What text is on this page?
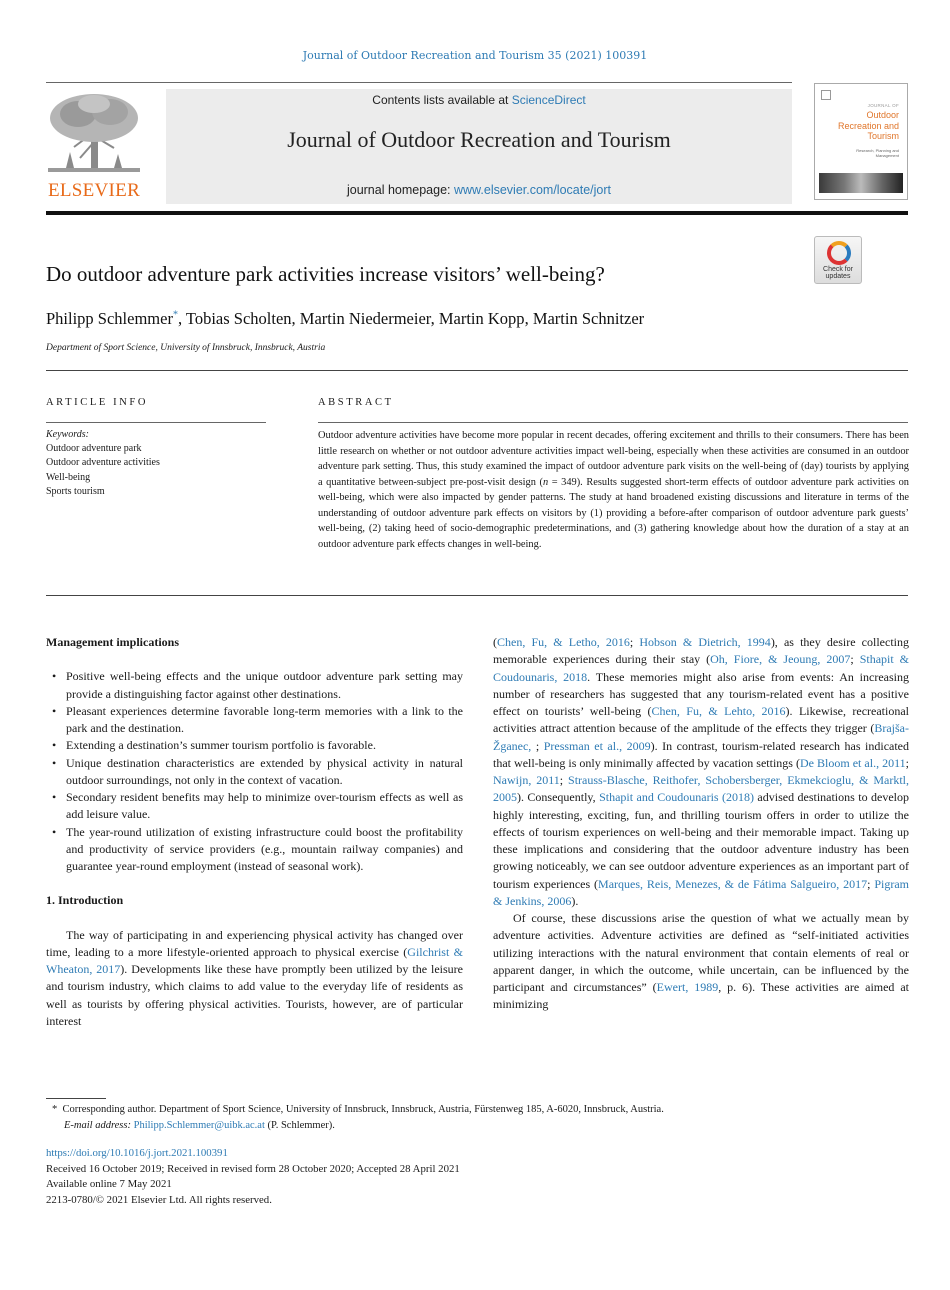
Journal of Outdoor Recreation and Tourism 35 (2021) 100391
ELSEVIER
Contents lists available at ScienceDirect
Journal of Outdoor Recreation and Tourism
journal homepage: www.elsevier.com/locate/jort
JOURNAL OF
Outdoor Recreation and Tourism
Research, Planning and Management
Do outdoor adventure park activities increase visitors’ well-being?	Check for updates
Philipp Schlemmer*, Tobias Scholten, Martin Niedermeier, Martin Kopp, Martin Schnitzer
Department of Sport Science, University of Innsbruck, Innsbruck, Austria
ARTICLE INFO	ABSTRACT
Keywords:
Outdoor adventure park
Outdoor adventure activities
Well-being
Sports tourism
Outdoor adventure activities have become more popular in recent decades, offering excitement and thrills to their consumers. There has been little research on whether or not outdoor adventure activities impact well-being, especially when these activities are consumed in an outdoor adventure park setting. Thus, this study examined the impact of outdoor adventure park visits on the well-being of (day) tourists by applying a quantitative between-subject pre-post-visit design (n = 349). Results suggested short-term effects of outdoor adventure park activities on well-being, which were also impacted by gender patterns. The study at hand broadened existing discussions and literature in terms of the understanding of outdoor adventure park effects on visitors by (1) providing a before-after comparison of outdoor adventure park guests’ well-being, (2) taking heed of socio-demographic predeterminations, and (3) gathering knowledge about how the duration of a stay at an outdoor adventure park effects changes in well-being.
Management implications
• Positive well-being effects and the unique outdoor adventure park setting may provide a distinguishing factor against other destinations.
• Pleasant experiences determine favorable long-term memories with a link to the park and the destination.
• Extending a destination’s summer tourism portfolio is favorable.
• Unique destination characteristics are extended by physical activity in natural outdoor surroundings, not only in the context of vacation.
• Secondary resident benefits may help to minimize over-tourism effects as well as add leisure value.
• The year-round utilization of existing infrastructure could boost the profitability and productivity of service providers (e.g., mountain railway companies) and guarantee year-round employment (instead of seasonal work).
1. Introduction
The way of participating in and experiencing physical activity has changed over time, leading to a more lifestyle-oriented approach to physical exercise (Gilchrist & Wheaton, 2017). Developments like these have promptly been utilized by the leisure and tourism industry, which claims to add value to the everyday life of residents as well as tourists by offering physical activities. Tourists, however, are of particular interest
(Chen, Fu, & Letho, 2016; Hobson & Dietrich, 1994), as they desire collecting memorable experiences during their stay (Oh, Fiore, & Jeoung, 2007; Sthapit & Coudounaris, 2018. These memories might also arise from events: An increasing number of researchers has suggested that any tourism-related event has a positive effect on tourists’ well-being (Chen, Fu, & Lehto, 2016). Likewise, recreational activities attract attention because of the amplitude of the effects they trigger (Brajša-Žganec, ; Pressman et al., 2009). In contrast, tourism-related research has indicated that well-being is only minimally affected by vacation settings (De Bloom et al., 2011; Nawijn, 2011; Strauss-Blasche, Reithofer, Schobersberger, Ekmekcioglu, & Marktl, 2005). Consequently, Sthapit and Coudounaris (2018) advised destinations to develop highly interesting, exciting, fun, and thrilling tourism offers in order to utilize the effects of tourism experiences on well-being and their memorable impact. Taking up these implications and considering that the outdoor adventure industry has been growing noticeably, we can see outdoor adventure experiences as an important part of tourism experiences (Marques, Reis, Menezes, & de Fátima Salgueiro, 2017; Pigram & Jenkins, 2006).
Of course, these discussions arise the question of what we actually mean by adventure activities. Adventure activities are defined as “self-initiated activities utilizing interactions with the natural environment that contain elements of real or apparent danger, in which the outcome, while uncertain, can be influenced by the participant and circumstances” (Ewert, 1989, p. 6). These activities are aimed at minimizing
* Corresponding author. Department of Sport Science, University of Innsbruck, Innsbruck, Austria, Fürstenweg 185, A-6020, Innsbruck, Austria.
E-mail address: Philipp.Schlemmer@uibk.ac.at (P. Schlemmer).
https://doi.org/10.1016/j.jort.2021.100391
Received 16 October 2019; Received in revised form 28 October 2020; Accepted 28 April 2021
Available online 7 May 2021
2213-0780/© 2021 Elsevier Ltd. All rights reserved.
